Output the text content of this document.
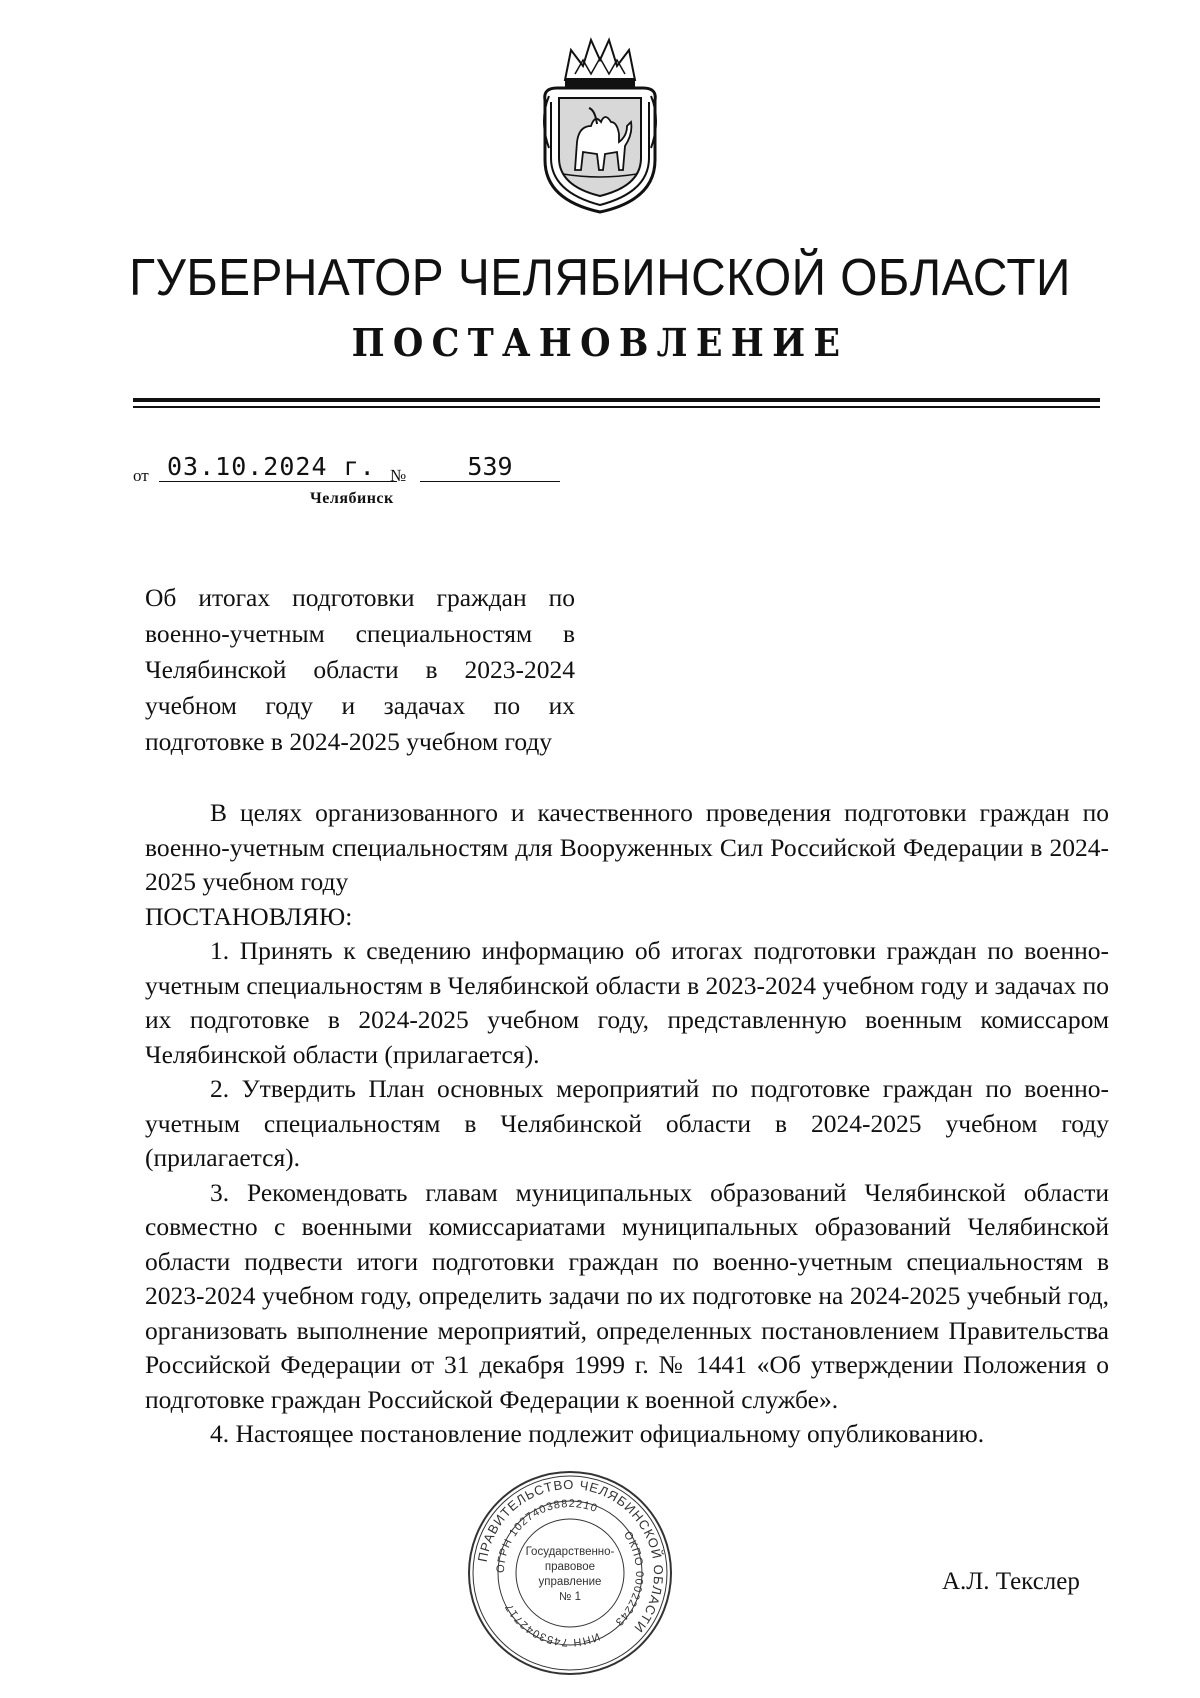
ГУБЕРНАТОР ЧЕЛЯБИНСКОЙ ОБЛАСТИ
ПОСТАНОВЛЕНИЕ
от 03.10.2024 г. №	539
Челябинск
Об итогах подготовки граждан по военно-учетным специальностям в Челябинской области в 2023-2024 учебном году и задачах по их подготовке в 2024-2025 учебном году

В целях организованного и качественного проведения подготовки граждан по военно-учетным специальностям для Вооруженных Сил Российской Федерации в 2024-2025 учебном году

ПОСТАНОВЛЯЮ:

1. Принять к сведению информацию об итогах подготовки граждан по военно-учетным специальностям в Челябинской области в 2023-2024 учебном году и задачах по их подготовке в 2024-2025 учебном году, представленную военным комиссаром Челябинской области (прилагается).

2. Утвердить План основных мероприятий по подготовке граждан по военно-учетным специальностям в Челябинской области в 2024-2025 учебном году (прилагается).

3. Рекомендовать главам муниципальных образований Челябинской области совместно с военными комиссариатами муниципальных образований Челябинской области подвести итоги подготовки граждан по военно-учетным специальностям в 2023-2024 учебном году, определить задачи по их подготовке на 2024-2025 учебный год, организовать выполнение мероприятий, определенных постановлением Правительства Российской Федерации от 31 декабря 1999 г. № 1441 «Об утверждении Положения о подготовке граждан Российской Федерации к военной службе».

4. Настоящее постановление подлежит официальному опубликованию.

ПРАВИТЕЛЬСТВО ЧЕЛЯБИНСКОЙ ОБЛАСТИ
ОГРН 1027403882210
ОКПО 00022243
ИНН 7453042717
Государственно-
правовое
управление
№ 1
А.Л. Текслер
